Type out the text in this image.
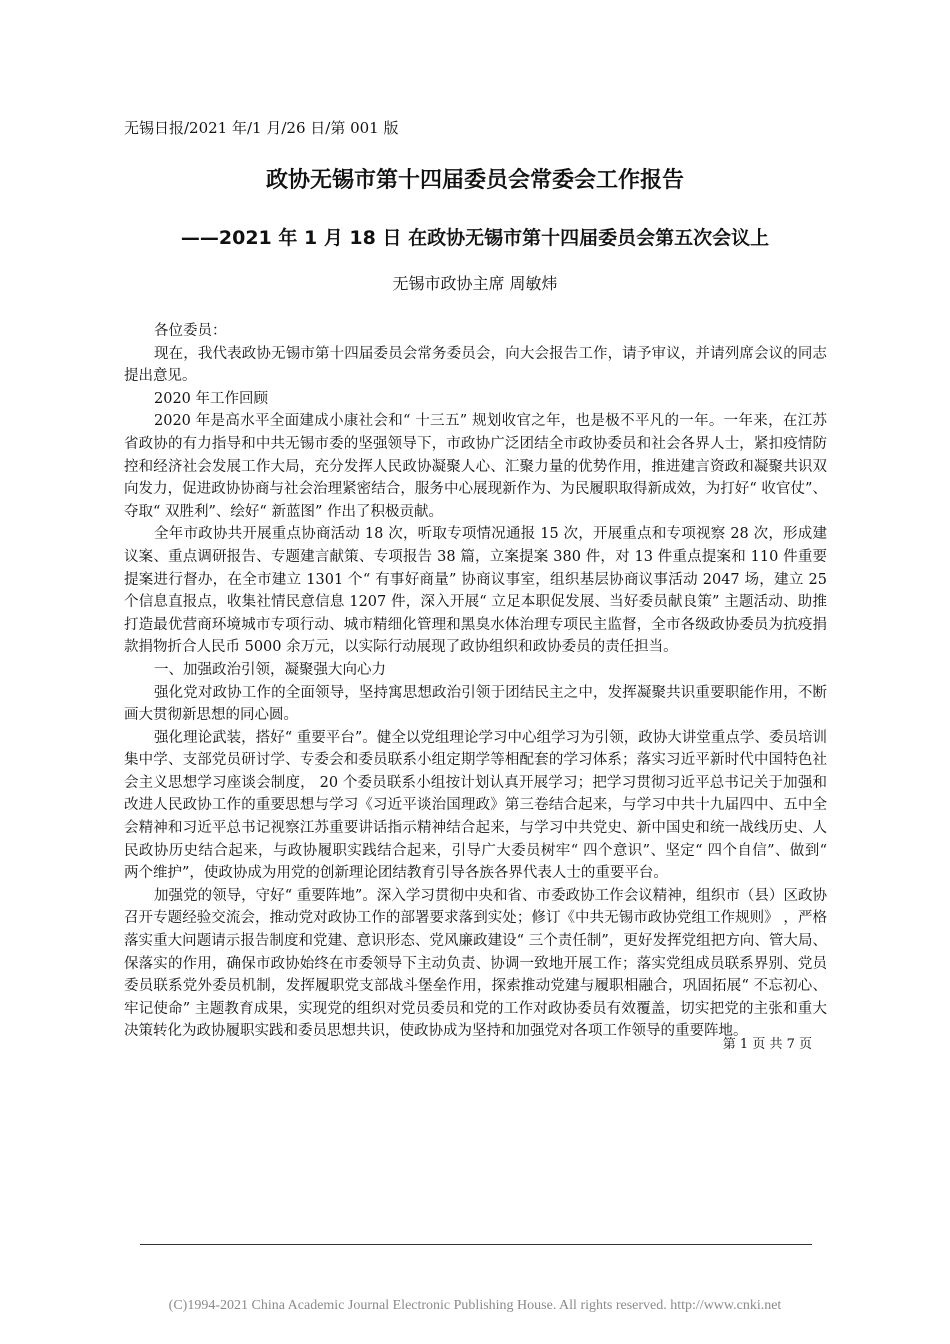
无锡日报/2021 年/1 月/26 日/第 001 版
政协无锡市第十四届委员会常委会工作报告
——2021 年 1 月 18 日 在政协无锡市第十四届委员会第五次会议上
无锡市政协主席 周敏炜

各位委员：

现在，我代表政协无锡市第十四届委员会常务委员会，向大会报告工作，请予审议，并请列席会议的同志提出意见。

2020 年工作回顾

2020 年是高水平全面建成小康社会和“ 十三五” 规划收官之年，也是极不平凡的一年。一年来，在江苏省政协的有力指导和中共无锡市委的坚强领导下，市政协广泛团结全市政协委员和社会各界人士，紧扣疫情防控和经济社会发展工作大局，充分发挥人民政协凝聚人心、汇聚力量的优势作用，推进建言资政和凝聚共识双向发力，促进政协协商与社会治理紧密结合，服务中心展现新作为、为民履职取得新成效，为打好“ 收官仗”、夺取“ 双胜利”、绘好“ 新蓝图” 作出了积极贡献。

全年市政协共开展重点协商活动 18 次，听取专项情况通报 15 次，开展重点和专项视察 28 次，形成建议案、重点调研报告、专题建言献策、专项报告 38 篇，立案提案 380 件，对 13 件重点提案和 110 件重要提案进行督办，在全市建立 1301 个“ 有事好商量” 协商议事室，组织基层协商议事活动 2047 场，建立 25 个信息直报点，收集社情民意信息 1207 件，深入开展“ 立足本职促发展、当好委员献良策” 主题活动、助推打造最优营商环境城市专项行动、城市精细化管理和黑臭水体治理专项民主监督，全市各级政协委员为抗疫捐款捐物折合人民币 5000 余万元，以实际行动展现了政协组织和政协委员的责任担当。

一、加强政治引领，凝聚强大向心力

强化党对政协工作的全面领导，坚持寓思想政治引领于团结民主之中，发挥凝聚共识重要职能作用，不断画大贯彻新思想的同心圆。

强化理论武装，搭好“ 重要平台”。健全以党组理论学习中心组学习为引领，政协大讲堂重点学、委员培训集中学、支部党员研讨学、专委会和委员联系小组定期学等相配套的学习体系；落实习近平新时代中国特色社会主义思想学习座谈会制度， 20 个委员联系小组按计划认真开展学习；把学习贯彻习近平总书记关于加强和改进人民政协工作的重要思想与学习《习近平谈治国理政》第三卷结合起来，与学习中共十九届四中、五中全会精神和习近平总书记视察江苏重要讲话指示精神结合起来，与学习中共党史、新中国史和统一战线历史、人民政协历史结合起来，与政协履职实践结合起来，引导广大委员树牢“ 四个意识”、坚定“ 四个自信”、做到“ 两个维护”，使政协成为用党的创新理论团结教育引导各族各界代表人士的重要平台。

加强党的领导，守好“ 重要阵地”。深入学习贯彻中央和省、市委政协工作会议精神，组织市（县）区政协召开专题经验交流会，推动党对政协工作的部署要求落到实处；修订《中共无锡市政协党组工作规则》 ，严格落实重大问题请示报告制度和党建、意识形态、党风廉政建设“ 三个责任制”，更好发挥党组把方向、管大局、保落实的作用，确保市政协始终在市委领导下主动负责、协调一致地开展工作；落实党组成员联系界别、党员委员联系党外委员机制，发挥履职党支部战斗堡垒作用，探索推动党建与履职相融合，巩固拓展“ 不忘初心、牢记使命” 主题教育成果，实现党的组织对党员委员和党的工作对政协委员有效覆盖，切实把党的主张和重大决策转化为政协履职实践和委员思想共识，使政协成为坚持和加强党对各项工作领导的重要阵地。

第 1 页 共 7 页
(C)1994-2021 China Academic Journal Electronic Publishing House. All rights reserved. http://www.cnki.net
